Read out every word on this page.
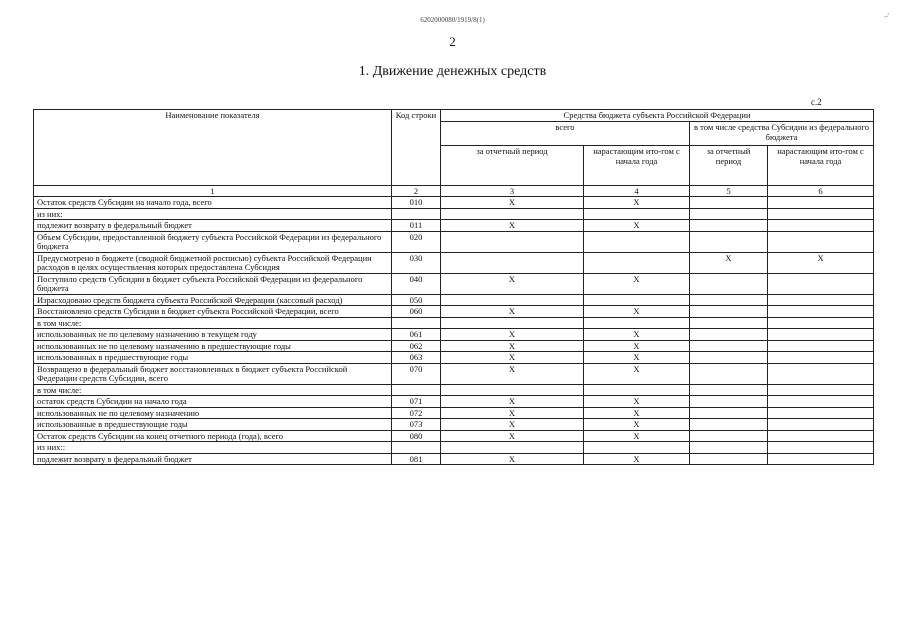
6202000080/1919/8(1)	~'
2
1. Движение денежных средств
с.2
Наименование показателя	Код строки	Средства бюджета субъекта Российской Федерации			
		всего		в том числе средства Субсидии из федерального бюджета	
		за отчетный период	нарастающим ито-гом с начала года	за отчетный период	нарастающим ито-гом с начала года
1	2	3	4	5	6
Остаток средств Субсидии на начало года, всего	010	X	X		
из них:					
подлежит возврату в федеральный бюджет	011	X	X		
Объем Субсидии, предоставленной бюджету субъекта Российской Федерации из федерального бюджета	020				
Предусмотрено в бюджете (сводной бюджетной росписью) субъекта Российской Федерации расходов в целях осуществления которых предоставлена Субсидия	030			X	X
Поступило средств Субсидии в бюджет субъекта Российской Федерации из федерального бюджета	040	X	X		
Израсходовано средств бюджета субъекта Российской Федерации (кассовый расход)	050				
Восстановлено средств Субсидии в бюджет субъекта Российской Федерации, всего	060	X	X		
в том числе:					
использованных не по целевому назначению в текущем году	061	X	X		
использованных не по целевому назначению в предшествующие годы	062	X	X		
использованных в предшествующие годы	063	X	X		
Возвращено в федеральный бюджет восстановленных в бюджет субъекта Российской Федерации средств Субсидии, всего	070	X	X		
в том числе:					
остаток средств Субсидии на начало года	071	X	X		
использованных не по целевому назначению	072	X	X		
использованные в предшествующие годы	073	X	X		
Остаток средств Субсидии на конец отчетного периода (года), всего	080	X	X		
из них::					
подлежит возврату в федеральный бюджет	081	X	X		
